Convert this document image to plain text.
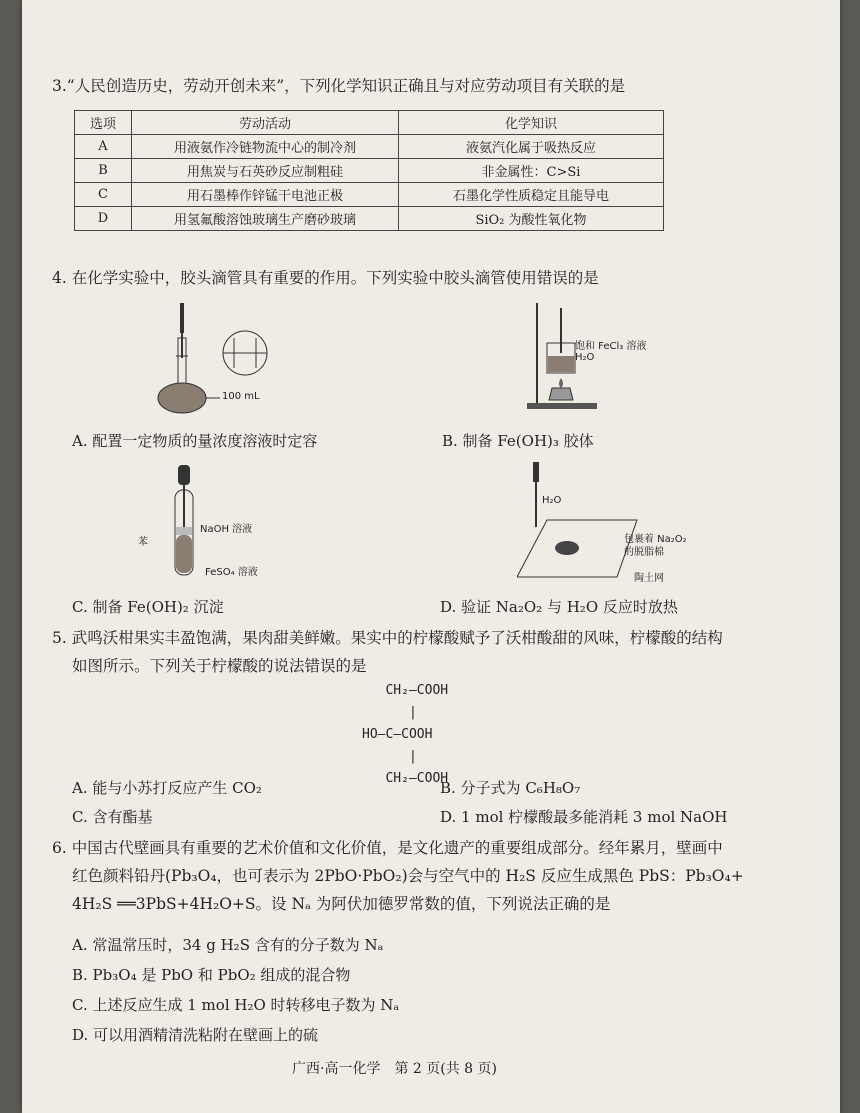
3.“人民创造历史，劳动开创未来”，下列化学知识正确且与对应劳动项目有关联的是
选项	劳动活动	化学知识
A	用液氨作冷链物流中心的制冷剂	液氨汽化属于吸热反应
B	用焦炭与石英砂反应制粗硅	非金属性：C>Si
C	用石墨棒作锌锰干电池正极	石墨化学性质稳定且能导电
D	用氢氟酸溶蚀玻璃生产磨砂玻璃	SiO₂ 为酸性氧化物
4. 在化学实验中，胶头滴管具有重要的作用。下列实验中胶头滴管使用错误的是
100 mL
饱和 FeCl₃ 溶液
H₂O
A. 配置一定物质的量浓度溶液时定容	B. 制备 Fe(OH)₃ 胶体
NaOH 溶液
苯
FeSO₄ 溶液
H₂O
包裹着 Na₂O₂
的脱脂棉
陶土网
C. 制备 Fe(OH)₂ 沉淀	D. 验证 Na₂O₂ 与 H₂O 反应时放热
5. 武鸣沃柑果实丰盈饱满，果肉甜美鲜嫩。果实中的柠檬酸赋予了沃柑酸甜的风味，柠檬酸的结构
如图所示。下列关于柠檬酸的说法错误的是
CH₂—COOH
|
HO—C—COOH
|
CH₂—COOH
A. 能与小苏打反应产生 CO₂	B. 分子式为 C₆H₈O₇
C. 含有酯基	D. 1 mol 柠檬酸最多能消耗 3 mol NaOH
6. 中国古代壁画具有重要的艺术价值和文化价值，是文化遗产的重要组成部分。经年累月，壁画中
红色颜料铅丹(Pb₃O₄，也可表示为 2PbO·PbO₂)会与空气中的 H₂S 反应生成黑色 PbS：Pb₃O₄+
4H₂S ══3PbS+4H₂O+S。设 Nₐ 为阿伏加德罗常数的值，下列说法正确的是
A. 常温常压时，34 g H₂S 含有的分子数为 Nₐ
B. Pb₃O₄ 是 PbO 和 PbO₂ 组成的混合物
C. 上述反应生成 1 mol H₂O 时转移电子数为 Nₐ
D. 可以用酒精清洗粘附在壁画上的硫
广西·高一化学　第 2 页(共 8 页)
